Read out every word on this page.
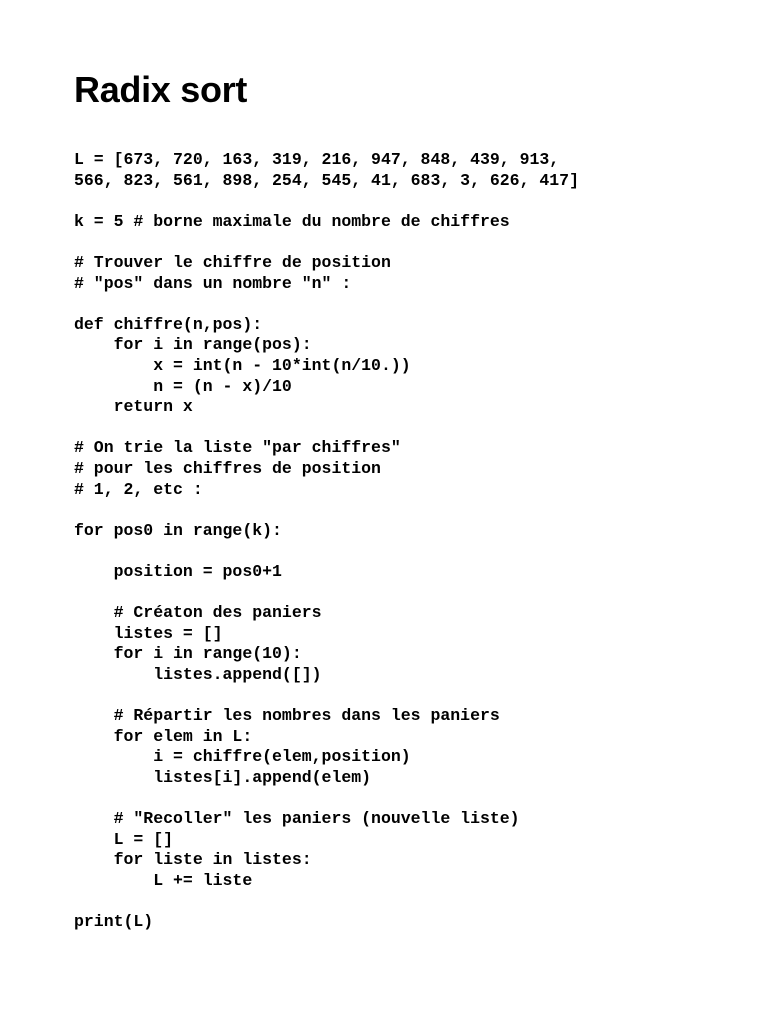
Radix sort
L = [673, 720, 163, 319, 216, 947, 848, 439, 913,
566, 823, 561, 898, 254, 545, 41, 683, 3, 626, 417]
k = 5 # borne maximale du nombre de chiffres
# Trouver le chiffre de position
# "pos" dans un nombre "n" :
def chiffre(n,pos):
for i in range(pos):
x = int(n - 10*int(n/10.))
n = (n - x)/10
return x
# On trie la liste "par chiffres"
# pour les chiffres de position
# 1, 2, etc :
for pos0 in range(k):
position = pos0+1
# Créaton des paniers
listes = []
for i in range(10):
listes.append([])
# Répartir les nombres dans les paniers
for elem in L:
i = chiffre(elem,position)
listes[i].append(elem)
# "Recoller" les paniers (nouvelle liste)
L = []
for liste in listes:
L += liste
print(L)
